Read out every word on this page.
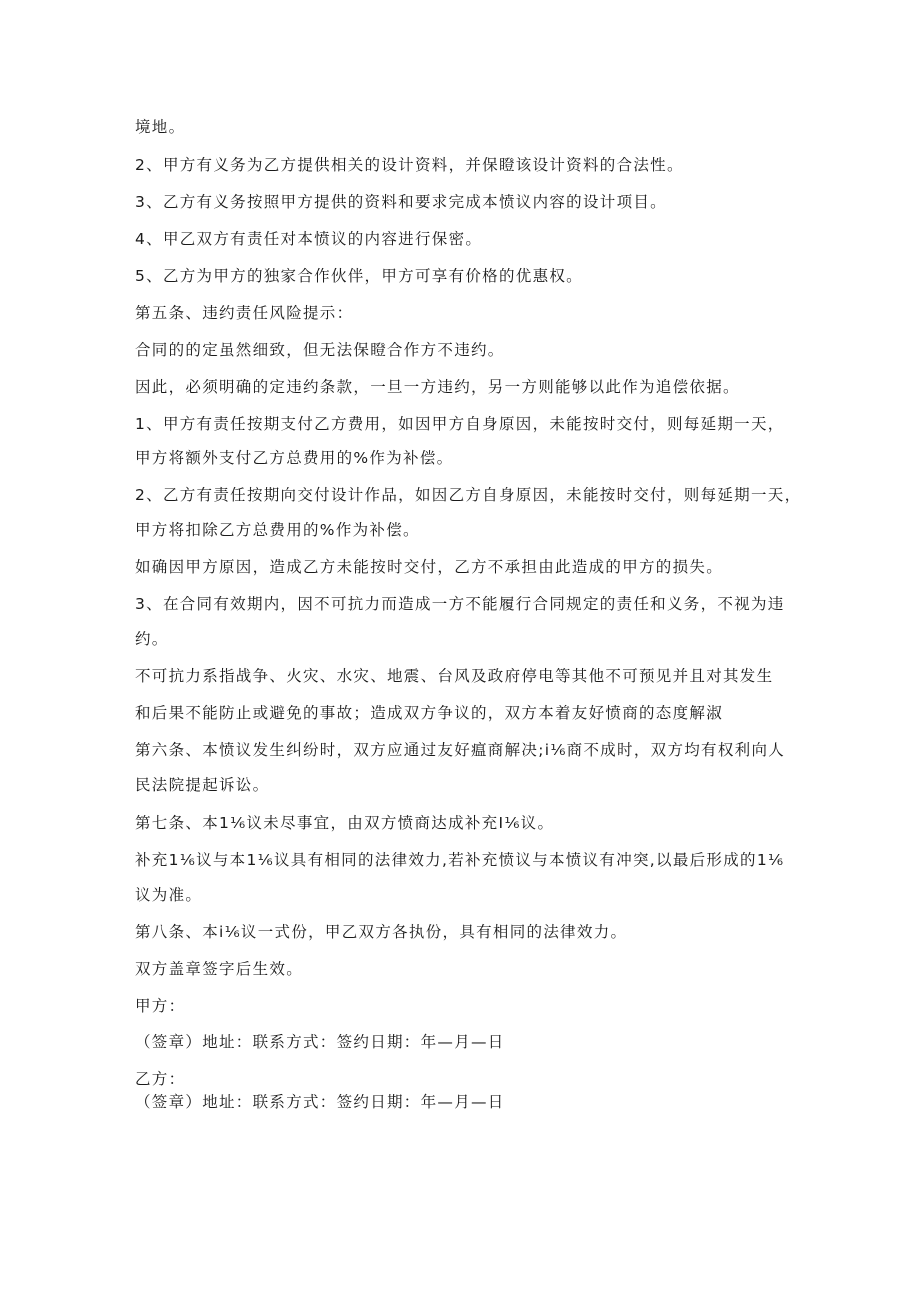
境地。
2、甲方有义务为乙方提供相关的设计资料，并保瞪该设计资料的合法性。
3、乙方有义务按照甲方提供的资料和要求完成本愤议内容的设计项目。
4、甲乙双方有责任对本愤议的内容进行保密。
5、乙方为甲方的独家合作伙伴，甲方可享有价格的优惠权。
第五条、违约责任风险提示：
合同的的定虽然细致，但无法保瞪合作方不违约。
因此，必须明确的定违约条款，一旦一方违约，另一方则能够以此作为追偿依据。
1、甲方有责任按期支付乙方费用，如因甲方自身原因，未能按时交付，则每延期一天，
甲方将额外支付乙方总费用的%作为补偿。
2、乙方有责任按期向交付设计作品，如因乙方自身原因，未能按时交付，则每延期一天，
甲方将扣除乙方总费用的%作为补偿。
如确因甲方原因，造成乙方未能按时交付，乙方不承担由此造成的甲方的损失。
3、在合同有效期内，因不可抗力而造成一方不能履行合同规定的责任和义务，不视为违
约。
不可抗力系指战争、火灾、水灾、地震、台风及政府停电等其他不可预见并且对其发生
和后果不能防止或避免的事故；造成双方争议的，双方本着友好愤商的态度解淑
第六条、本愤议发生纠纷时，双方应通过友好瘟商解决;i⅙商不成时，双方均有权利向人
民法院提起诉讼。
第七条、本1⅙议未尽事宜，由双方愤商达成补充I⅙议。
补充1⅙议与本1⅙议具有相同的法律效力,若补充愤议与本愤议有冲突,以最后形成的1⅙
议为准。
第八条、本i⅙议一式份，甲乙双方各执份，具有相同的法律效力。
双方盖章签字后生效。
甲方：
（签章）地址：联系方式：签约日期：年—月—日
乙方：
（签章）地址：联系方式：签约日期：年—月—日
